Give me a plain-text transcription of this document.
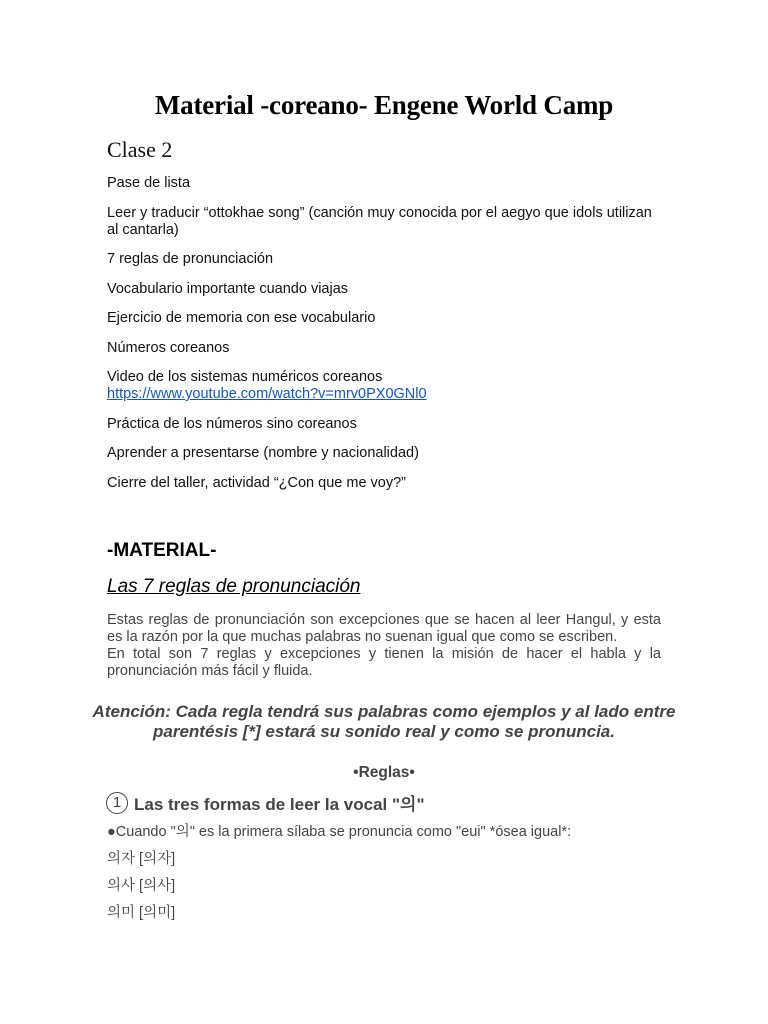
Material -coreano- Engene World Camp
Clase 2
Pase de lista
Leer y traducir “ottokhae song” (canción muy conocida por el aegyo que idols utilizan al cantarla)
7 reglas de pronunciación
Vocabulario importante cuando viajas
Ejercicio de memoria con ese vocabulario
Números coreanos
Video de los sistemas numéricos coreanos
https://www.youtube.com/watch?v=mrv0PX0GNl0
Práctica de los números sino coreanos
Aprender a presentarse (nombre y nacionalidad)
Cierre del taller, actividad “¿Con que me voy?”
-MATERIAL-
Las 7 reglas de pronunciación

Estas reglas de pronunciación son excepciones que se hacen al leer Hangul, y esta es la razón por la que muchas palabras no suenan igual que como se escriben.

En total son 7 reglas y excepciones y tienen la misión de hacer el habla y la pronunciación más fácil y fluida.

Atención: Cada regla tendrá sus palabras como ejemplos y al lado entre parentésis [*] estará su sonido real y como se pronuncia.
•Reglas•
1 Las tres formas de leer la vocal "의"
●Cuando "의" es la primera sílaba se pronuncia como "eui" *ósea igual*:
의자 [의자]
의사 [의사]
의미 [의미]
